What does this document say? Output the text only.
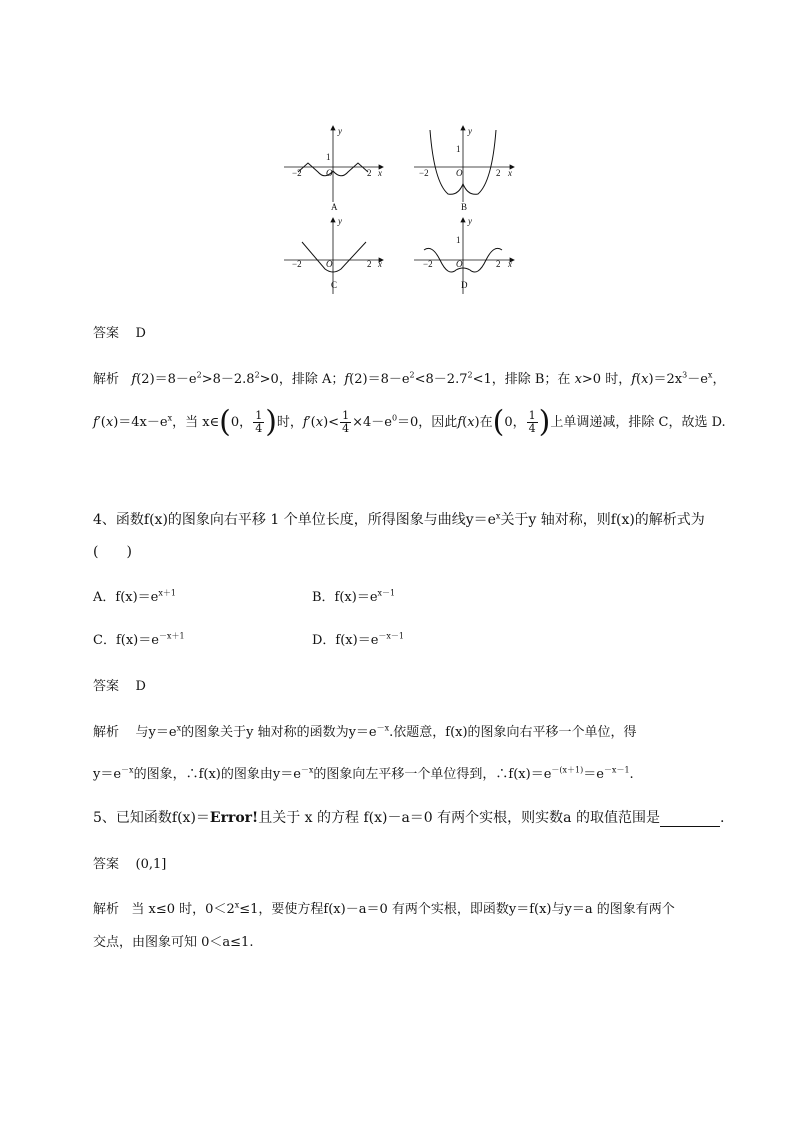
y
1
−2	O	2 x
A
y
1
−2	O	2 x
B
y
−2	O	2 x
C
y
1
−2	O	2 x
D
答案 D
解析 $f(2)=8-e^2>8-2.8^2>0$，排除 A；$f(2)=8-e^2<8-2.7^2<1$，排除 B；在 x>0 时，$f(x)=2x^3-e^x$，
$f'(x)=4x-e^x$，当 x∈(0， $\frac{1}{4}$ )时，$f'(x)< \frac{1}{4} \times 4-e^0=0$，因此f(x)在(0， $\frac{1}{4}$ )上单调递减，排除 C，故选 D.
4、函数f(x)的图象向右平移 1 个单位长度，所得图象与曲线$y=e^x$关于y 轴对称，则f(x)的解析式为
(　　)
A．$f(x)=e^{x+1}$	B．$f(x)=e^{x-1}$
C．$f(x)=e^{-x+1}$	D．$f(x)=e^{-x-1}$
答案 D
解析 与$y=e^x$的图象关于y 轴对称的函数为$y=e^{-x}$.依题意，f(x)的图象向右平移一个单位，得
$y=e^{-x}$的图象，∴f(x)的图象由$y=e^{-x}$的图象向左平移一个单位得到，$\therefore f(x)=e^{-(x+1)}=e^{-x-1}$.
5、已知函数f(x)＝Error!且关于 x 的方程 f(x)－a＝0 有两个实根，则实数a 的取值范围是	.
答案 (0,1]
解析 当 x≤0 时，$0<2^x\le 1$，要使方程f(x)－a＝0 有两个实根，即函数y＝f(x)与y＝a 的图象有两个
交点，由图象可知 0＜a≤1.
